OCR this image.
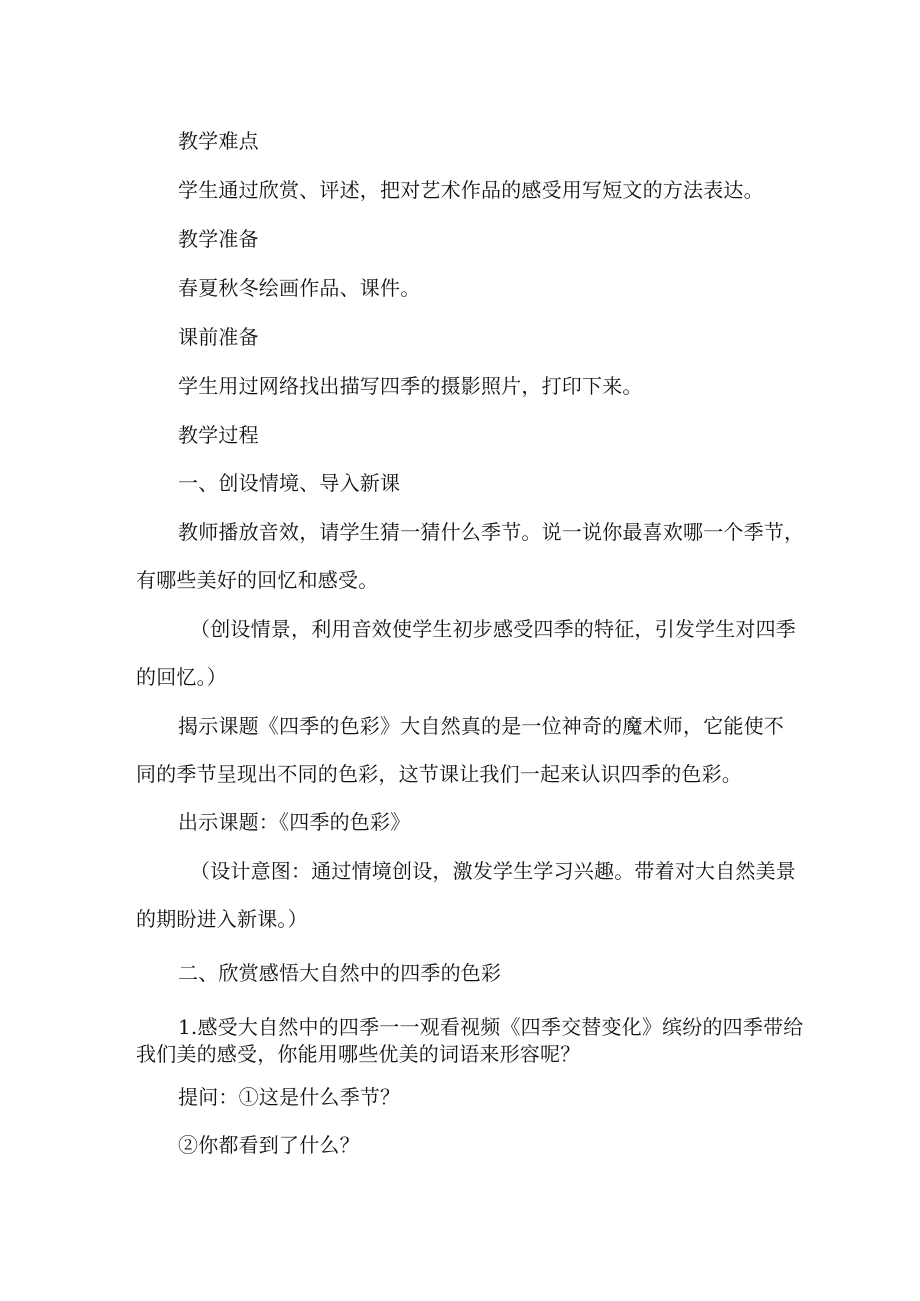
教学难点
学生通过欣赏、评述，把对艺术作品的感受用写短文的方法表达。
教学准备
春夏秋冬绘画作品、课件。
课前准备
学生用过网络找出描写四季的摄影照片，打印下来。
教学过程
一、创设情境、导入新课
教师播放音效，请学生猜一猜什么季节。说一说你最喜欢哪一个季节，
有哪些美好的回忆和感受。
（创设情景，利用音效使学生初步感受四季的特征，引发学生对四季
的回忆。）
揭示课题《四季的色彩》大自然真的是一位神奇的魔术师，它能使不
同的季节呈现出不同的色彩，这节课让我们一起来认识四季的色彩。
出示课题：《四季的色彩》
（设计意图：通过情境创设，激发学生学习兴趣。带着对大自然美景
的期盼进入新课。）
二、欣赏感悟大自然中的四季的色彩
1.感受大自然中的四季一一观看视频《四季交替变化》缤纷的四季带给
我们美的感受，你能用哪些优美的词语来形容呢？
提问：①这是什么季节？
②你都看到了什么？
